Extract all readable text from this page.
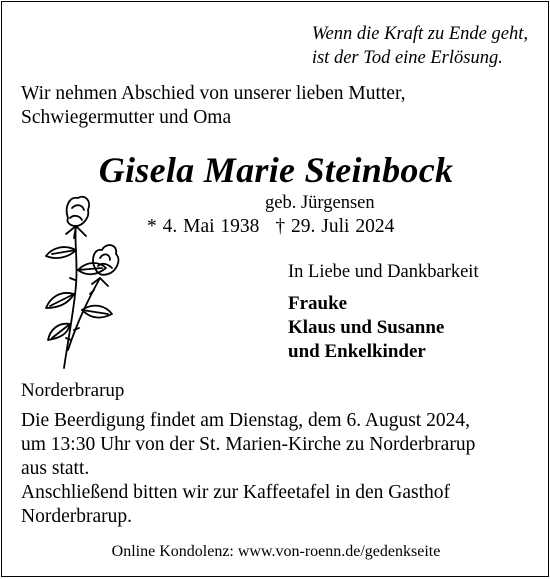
Wenn die Kraft zu Ende geht,
ist der Tod eine Erlösung.
Wir nehmen Abschied von unserer lieben Mutter,
Schwiegermutter und Oma
Gisela Marie Steinbock
geb. Jürgensen
* 4. Mai 1938 † 29. Juli 2024
In Liebe und Dankbarkeit
Frauke
Klaus und Susanne
und Enkelkinder
Norderbrarup

Die Beerdigung findet am Dienstag, dem 6. August 2024,

um 13:30 Uhr von der St. Marien-Kirche zu Norderbrarup

aus statt.

Anschließend bitten wir zur Kaffeetafel in den Gasthof

Norderbrarup.

Online Kondolenz: www.von-roenn.de/gedenkseite
